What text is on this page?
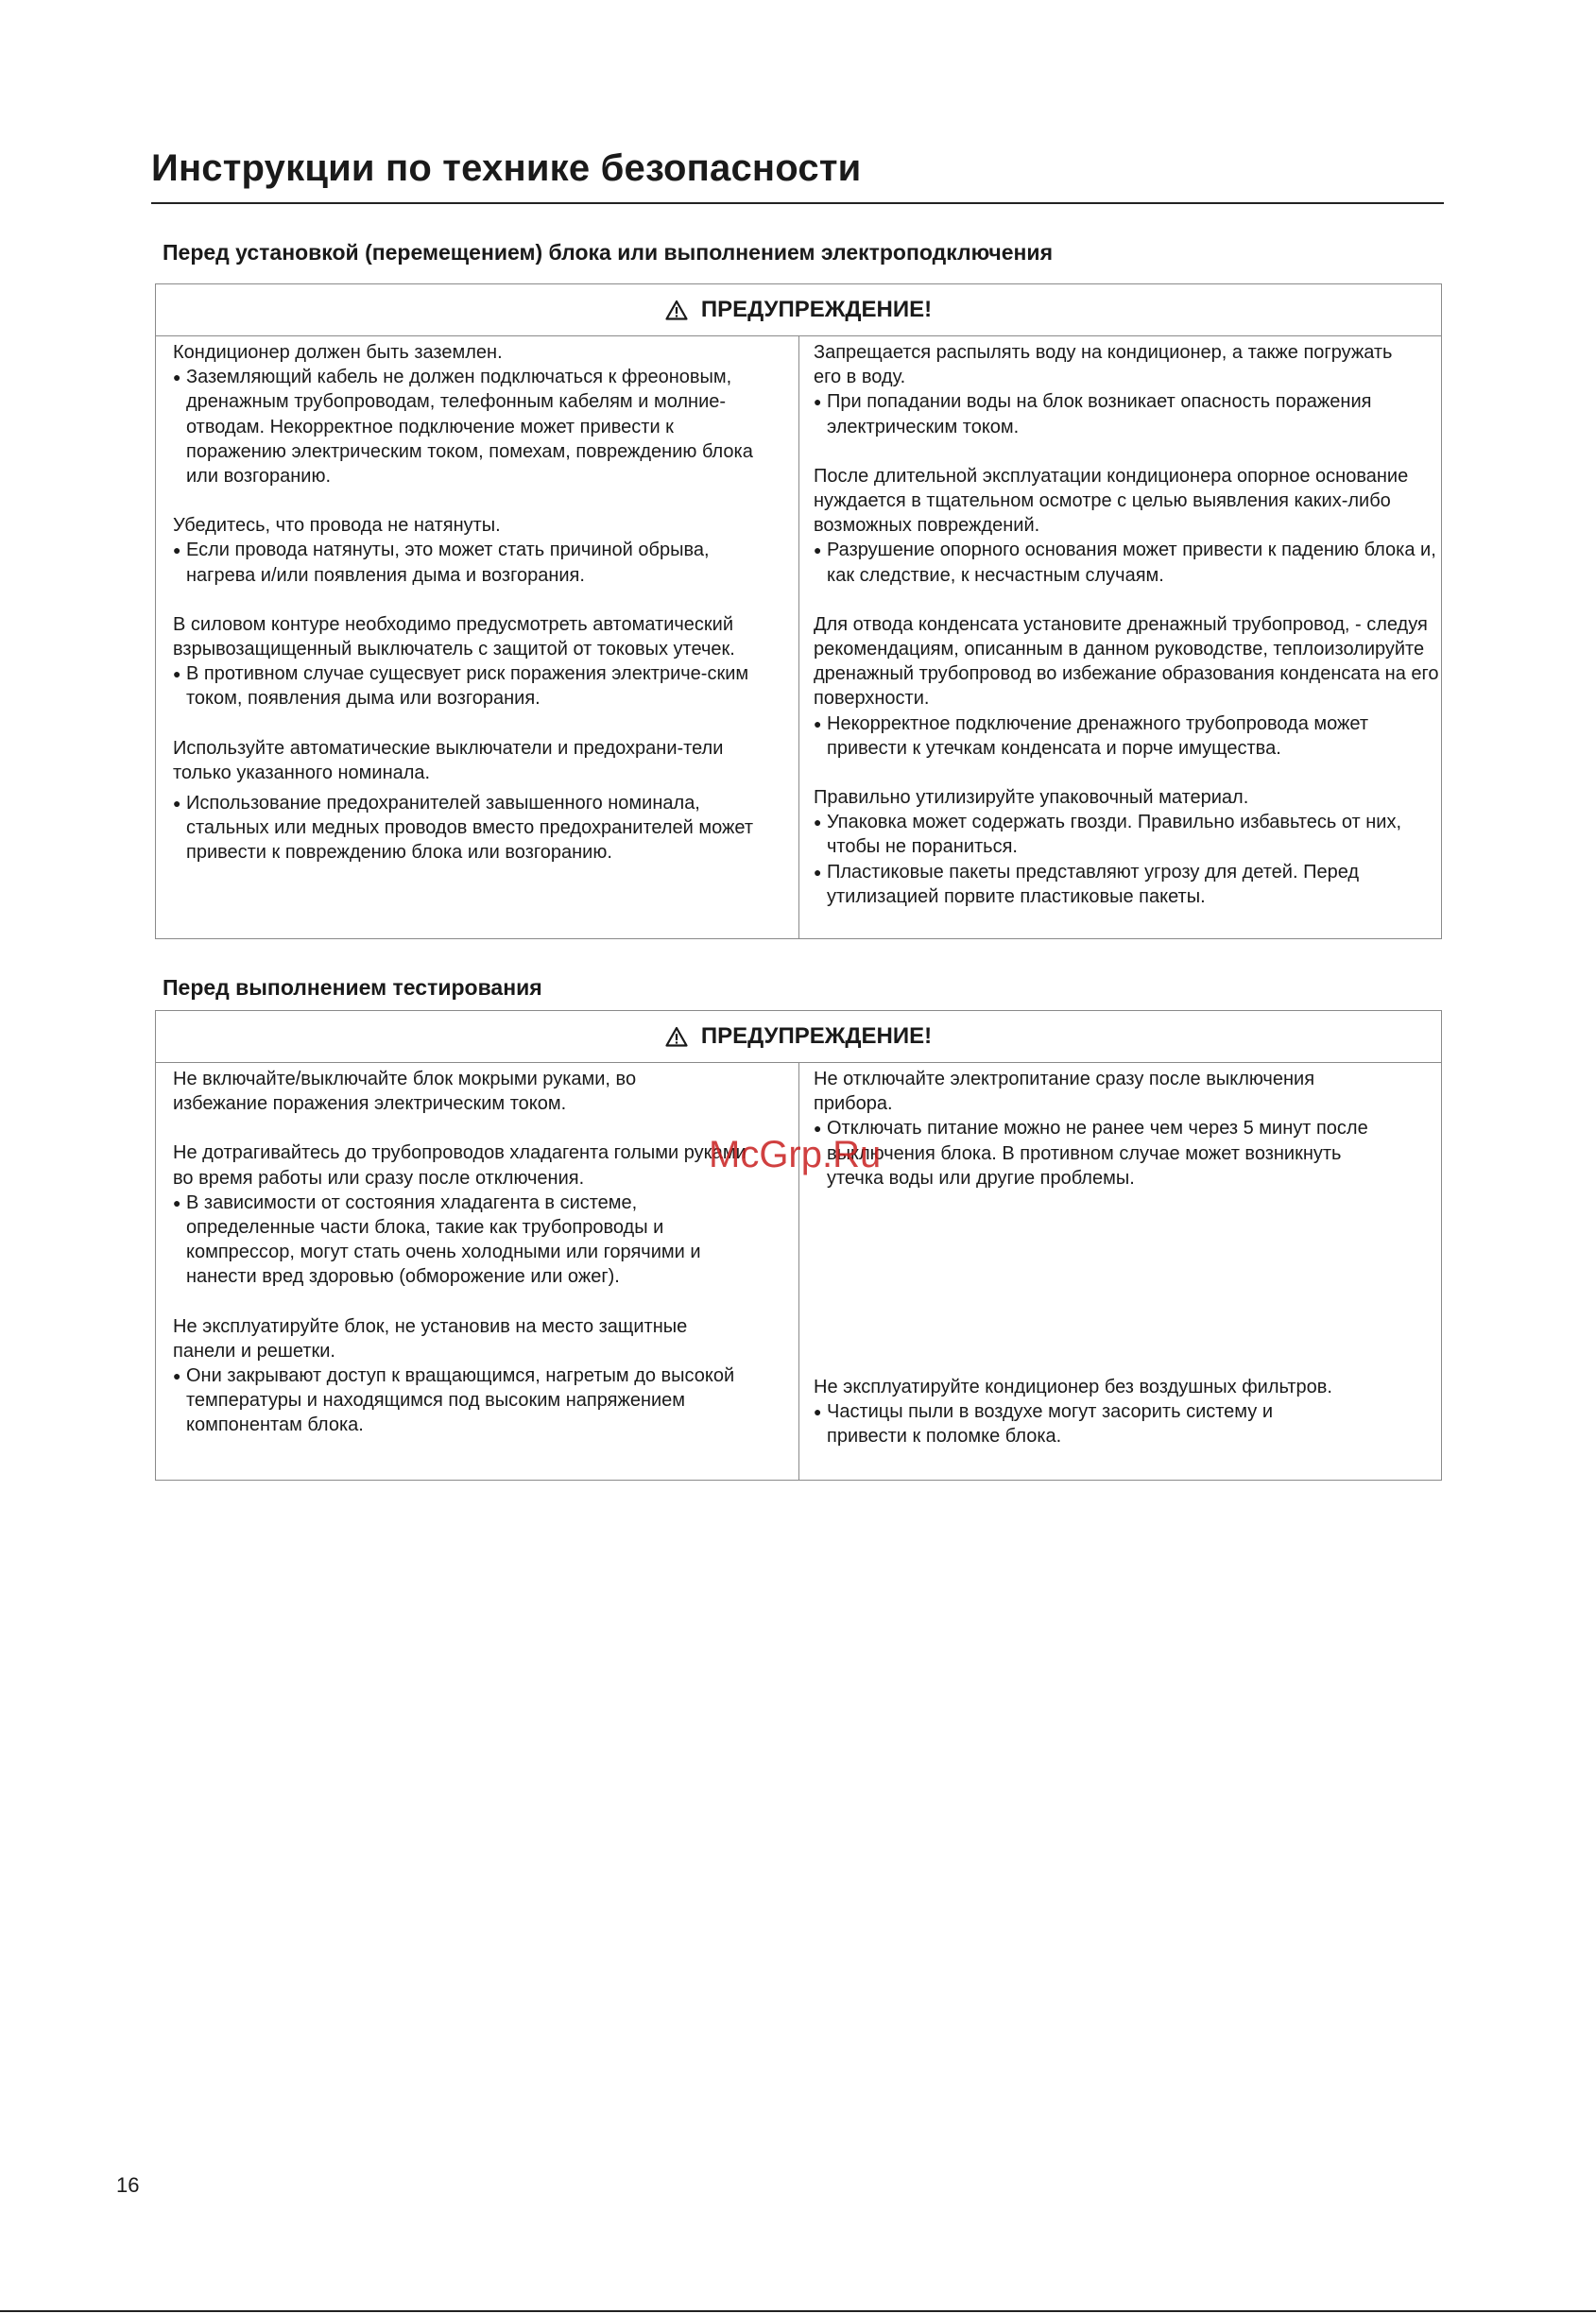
Инструкции по технике безопасности
Перед установкой (перемещением) блока или выполнением электроподключения
ПРЕДУПРЕЖДЕНИЕ!

Кондиционер должен быть заземлен.

● Заземляющий кабель не должен подключаться к фреоновым, дренажным трубопроводам, телефонным кабелям и молние-отводам. Некорректное подключение может привести к поражению электрическим током, помехам, повреждению блока или возгоранию.

Убедитесь, что провода не натянуты.

● Если провода натянуты, это может стать причиной обрыва, нагрева и/или появления дыма и возгорания.

В силовом контуре необходимо предусмотреть автоматический взрывозащищенный выключатель с защитой от токовых утечек.

● В противном случае сущесвует риск поражения электриче-ским током, появления дыма или возгорания.

Используйте автоматические выключатели и предохрани-тели только указанного номинала.

● Использование предохранителей завышенного номинала, стальных или медных проводов вместо предохранителей может привести к повреждению блока или возгоранию.

Запрещается распылять воду на кондиционер, а также погружать его в воду.

● При попадании воды на блок возникает опасность поражения электрическим током.

После длительной эксплуатации кондиционера опорное основание нуждается в тщательном осмотре с целью выявления каких-либо возможных повреждений.

● Разрушение опорного основания может привести к падению блока и, как следствие, к несчастным случаям.

Для отвода конденсата установите дренажный трубопровод, - следуя рекомендациям, описанным в данном руководстве, теплоизолируйте дренажный трубопровод во избежание образования конденсата на его поверхности.

● Некорректное подключение дренажного трубопровода может привести к утечкам конденсата и порче имущества.

Правильно утилизируйте упаковочный материал.

● Упаковка может содержать гвозди. Правильно избавьтесь от них, чтобы не пораниться.

● Пластиковые пакеты представляют угрозу для детей. Перед утилизацией порвите пластиковые пакеты.

Перед выполнением тестирования
ПРЕДУПРЕЖДЕНИЕ!

Не включайте/выключайте блок мокрыми руками, во избежание поражения электрическим током.

Не дотрагивайтесь до трубопроводов хладагента голыми руками во время работы или сразу после отключения.

● В зависимости от состояния хладагента в системе, определенные части блока, такие как трубопроводы и компрессор, могут стать очень холодными или горячими и нанести вред здоровью (обморожение или ожег).

Не эксплуатируйте блок, не установив на место защитные панели и решетки.

● Они закрывают доступ к вращающимся, нагретым до высокой температуры и находящимся под высоким напряжением компонентам блока.

Не отключайте электропитание сразу после выключения прибора.

● Отключать питание можно не ранее чем через 5 минут после выключения блока. В противном случае может возникнуть утечка воды или другие проблемы.

Не эксплуатируйте кондиционер без воздушных фильтров.

● Частицы пыли в воздухе могут засорить систему и привести к поломке блока.

McGrp.Ru
16
